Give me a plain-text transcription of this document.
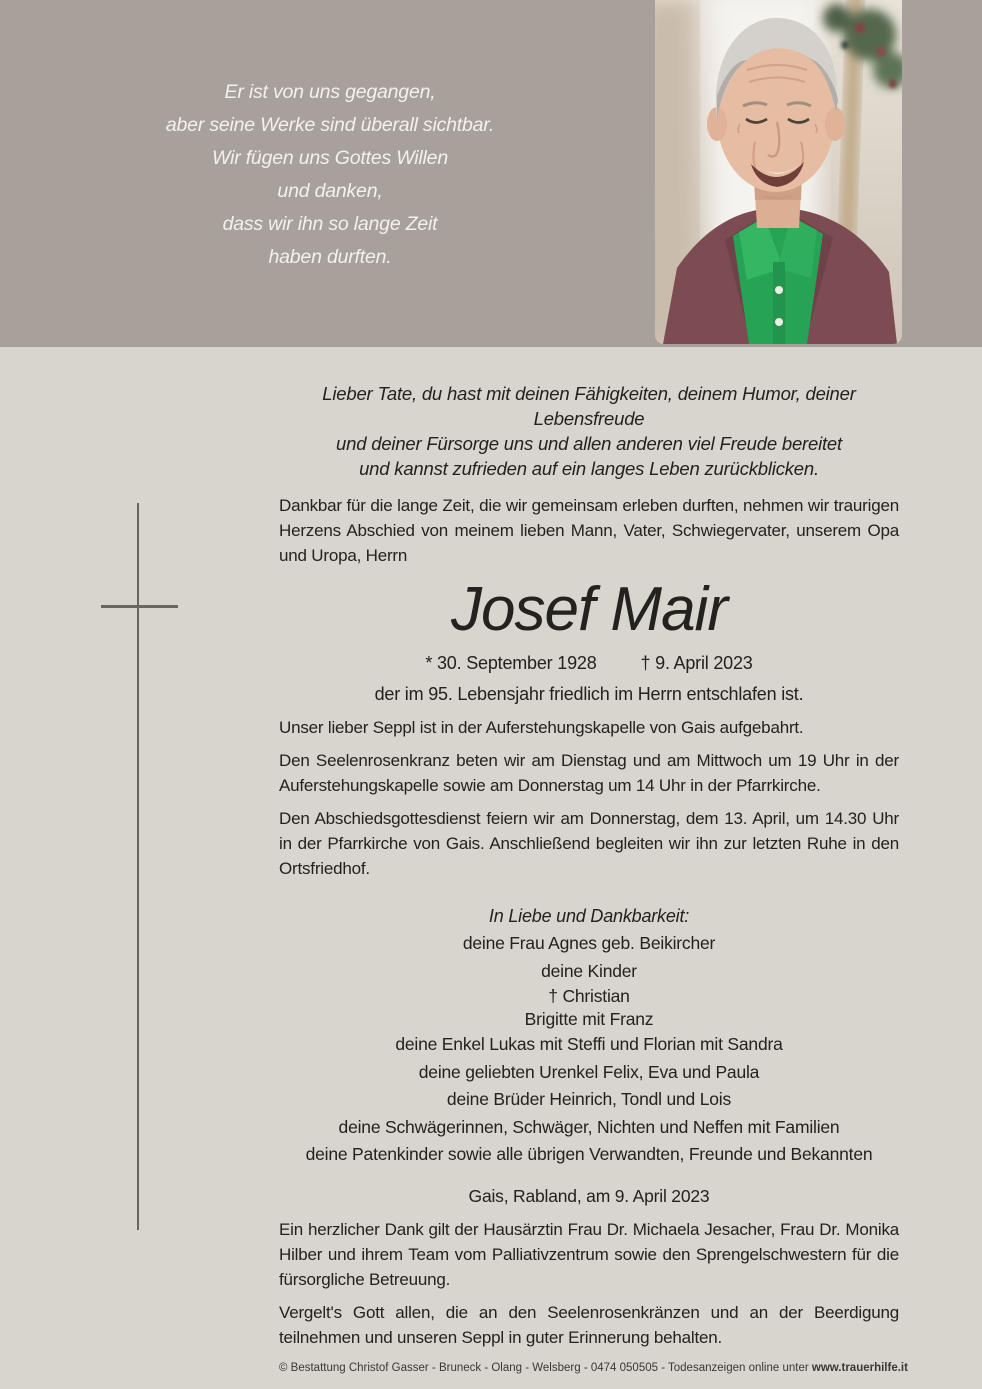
Er ist von uns gegangen,
aber seine Werke sind überall sichtbar.
Wir fügen uns Gottes Willen
und danken,
dass wir ihn so lange Zeit
haben durften.
Lieber Tate, du hast mit deinen Fähigkeiten, deinem Humor, deiner Lebensfreude
und deiner Fürsorge uns und allen anderen viel Freude bereitet
und kannst zufrieden auf ein langes Leben zurückblicken.

Dankbar für die lange Zeit, die wir gemeinsam erleben durften, nehmen wir traurigen Herzens Abschied von meinem lieben Mann, Vater, Schwiegervater, unserem Opa und Uropa, Herrn

Josef Mair
* 30. September 1928 † 9. April 2023
der im 95. Lebensjahr friedlich im Herrn entschlafen ist.

Unser lieber Seppl ist in der Auferstehungskapelle von Gais aufgebahrt.

Den Seelenrosenkranz beten wir am Dienstag und am Mittwoch um 19 Uhr in der Auferstehungskapelle sowie am Donnerstag um 14 Uhr in der Pfarrkirche.

Den Abschiedsgottesdienst feiern wir am Donnerstag, dem 13. April, um 14.30 Uhr in der Pfarrkirche von Gais. Anschließend begleiten wir ihn zur letzten Ruhe in den Ortsfriedhof.

In Liebe und Dankbarkeit:
deine Frau Agnes geb. Beikircher
deine Kinder
† Christian
Brigitte mit Franz
deine Enkel Lukas mit Steffi und Florian mit Sandra
deine geliebten Urenkel Felix, Eva und Paula
deine Brüder Heinrich, Tondl und Lois
deine Schwägerinnen, Schwäger, Nichten und Neffen mit Familien
deine Patenkinder sowie alle übrigen Verwandten, Freunde und Bekannten
Gais, Rabland, am 9. April 2023

Ein herzlicher Dank gilt der Hausärztin Frau Dr. Michaela Jesacher, Frau Dr. Monika Hilber und ihrem Team vom Palliativzentrum sowie den Sprengelschwestern für die fürsorgliche Betreuung.

Vergelt's Gott allen, die an den Seelenrosenkränzen und an der Beerdigung teilnehmen und unseren Seppl in guter Erinnerung behalten.

© Bestattung Christof Gasser - Bruneck - Olang - Welsberg - 0474 050505 - Todesanzeigen online unter www.trauerhilfe.it
